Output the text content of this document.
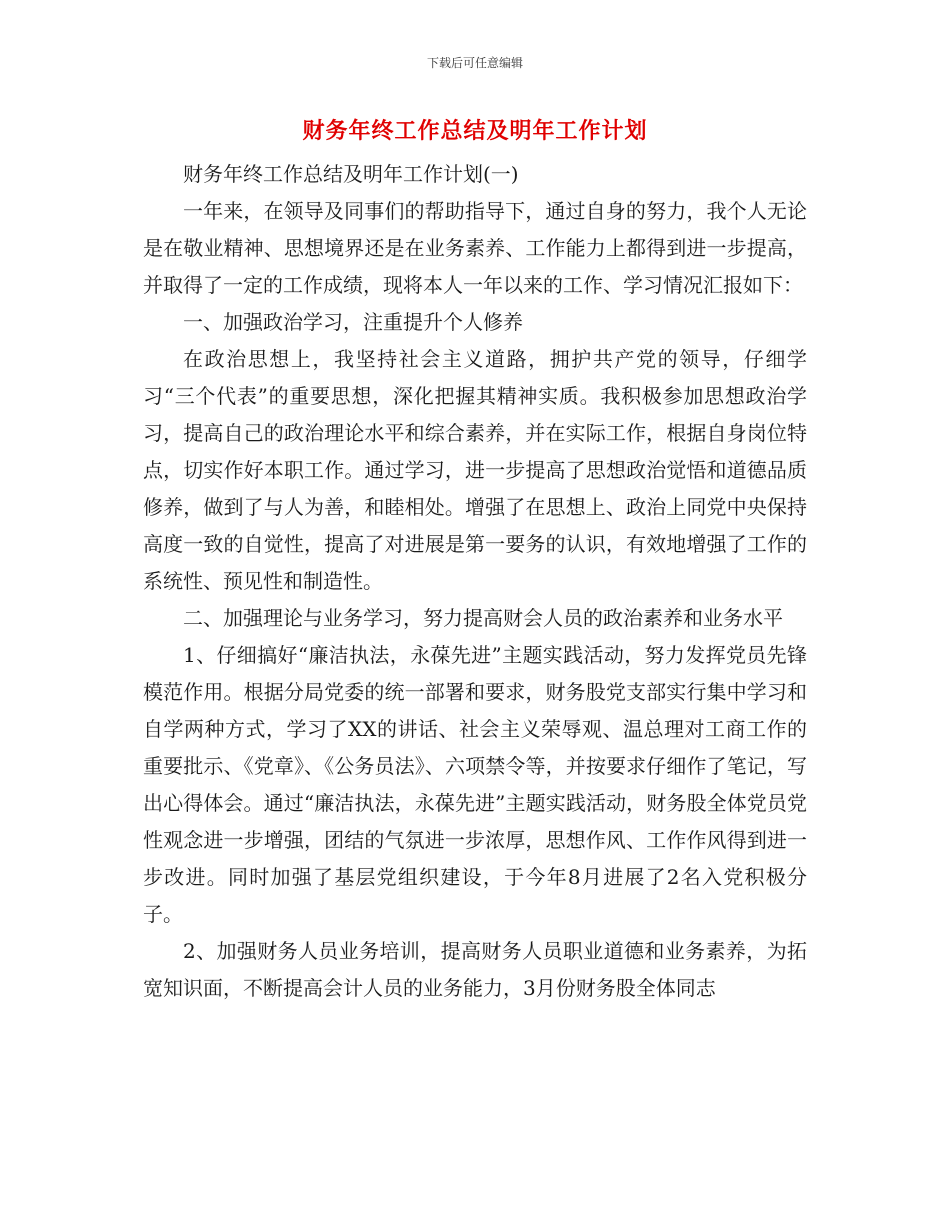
下载后可任意编辑
财务年终工作总结及明年工作计划

财务年终工作总结及明年工作计划(一)

一年来，在领导及同事们的帮助指导下，通过自身的努力，我个人无论是在敬业精神、思想境界还是在业务素养、工作能力上都得到进一步提高，并取得了一定的工作成绩，现将本人一年以来的工作、学习情况汇报如下：

一、加强政治学习，注重提升个人修养

在政治思想上，我坚持社会主义道路，拥护共产党的领导，仔细学习“三个代表”的重要思想，深化把握其精神实质。我积极参加思想政治学习，提高自己的政治理论水平和综合素养，并在实际工作，根据自身岗位特点，切实作好本职工作。通过学习，进一步提高了思想政治觉悟和道德品质修养，做到了与人为善，和睦相处。增强了在思想上、政治上同党中央保持高度一致的自觉性，提高了对进展是第一要务的认识，有效地增强了工作的系统性、预见性和制造性。

二、加强理论与业务学习，努力提高财会人员的政治素养和业务水平

1、仔细搞好“廉洁执法，永葆先进”主题实践活动，努力发挥党员先锋模范作用。根据分局党委的统一部署和要求，财务股党支部实行集中学习和自学两种方式，学习了XX的讲话、社会主义荣辱观、温总理对工商工作的重要批示、《党章》、《公务员法》、六项禁令等，并按要求仔细作了笔记，写出心得体会。通过“廉洁执法，永葆先进”主题实践活动，财务股全体党员党性观念进一步增强，团结的气氛进一步浓厚，思想作风、工作作风得到进一步改进。同时加强了基层党组织建设，于今年8月进展了2名入党积极分子。

2、加强财务人员业务培训，提高财务人员职业道德和业务素养，为拓宽知识面，不断提高会计人员的业务能力，3月份财务股全体同志
